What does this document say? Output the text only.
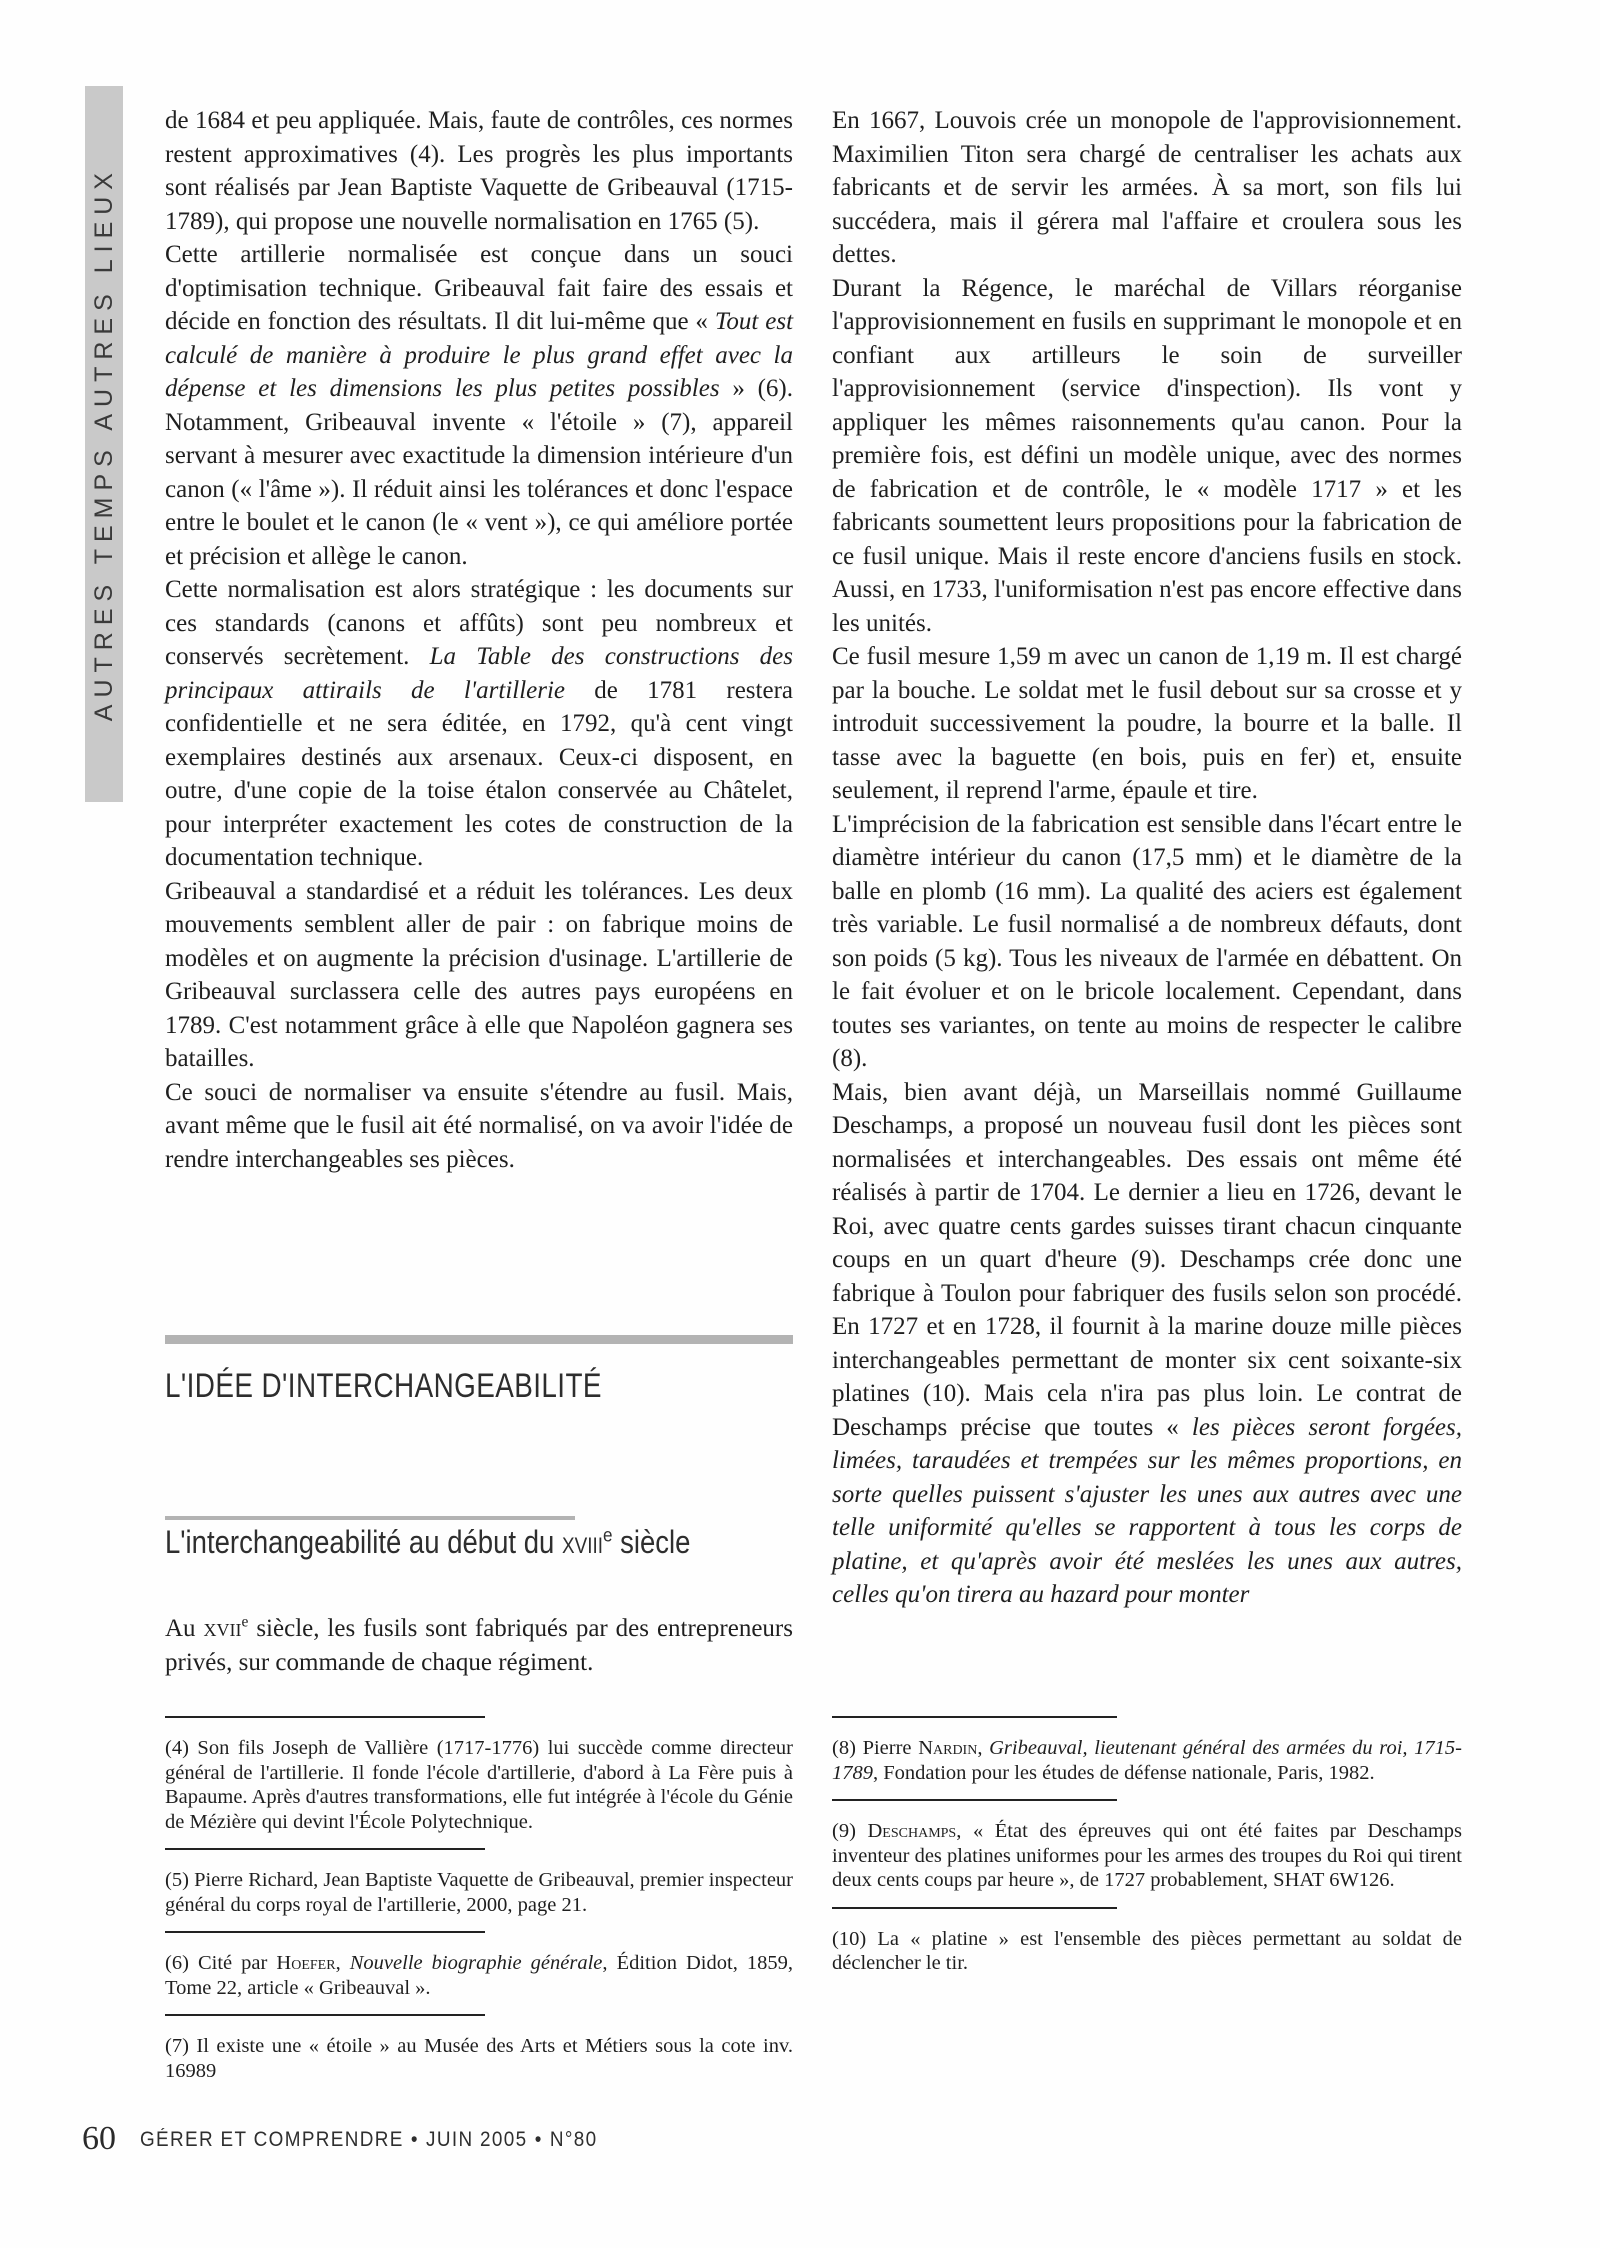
AUTRES TEMPS AUTRES LIEUX

de 1684 et peu appliquée. Mais, faute de contrôles, ces normes restent approximatives (4). Les progrès les plus importants sont réalisés par Jean Baptiste Vaquette de Gribeauval (1715-1789), qui propose une nouvelle normalisation en 1765 (5).

Cette artillerie normalisée est conçue dans un souci d'optimisation technique. Gribeauval fait faire des essais et décide en fonction des résultats. Il dit lui-même que « Tout est calculé de manière à produire le plus grand effet avec la dépense et les dimensions les plus petites possibles » (6). Notamment, Gribeauval invente « l'étoile » (7), appareil servant à mesurer avec exactitude la dimension intérieure d'un canon (« l'âme »). Il réduit ainsi les tolérances et donc l'espace entre le boulet et le canon (le « vent »), ce qui améliore portée et précision et allège le canon.

Cette normalisation est alors stratégique : les documents sur ces standards (canons et affûts) sont peu nombreux et conservés secrètement. La Table des constructions des principaux attirails de l'artillerie de 1781 restera confidentielle et ne sera éditée, en 1792, qu'à cent vingt exemplaires destinés aux arsenaux. Ceux-ci disposent, en outre, d'une copie de la toise étalon conservée au Châtelet, pour interpréter exactement les cotes de construction de la documentation technique.

Gribeauval a standardisé et a réduit les tolérances. Les deux mouvements semblent aller de pair : on fabrique moins de modèles et on augmente la précision d'usinage. L'artillerie de Gribeauval surclassera celle des autres pays européens en 1789. C'est notamment grâce à elle que Napoléon gagnera ses batailles.

Ce souci de normaliser va ensuite s'étendre au fusil. Mais, avant même que le fusil ait été normalisé, on va avoir l'idée de rendre interchangeables ses pièces.

En 1667, Louvois crée un monopole de l'approvisionnement. Maximilien Titon sera chargé de centraliser les achats aux fabricants et de servir les armées. À sa mort, son fils lui succédera, mais il gérera mal l'affaire et croulera sous les dettes.

Durant la Régence, le maréchal de Villars réorganise l'approvisionnement en fusils en supprimant le monopole et en confiant aux artilleurs le soin de surveiller l'approvisionnement (service d'inspection). Ils vont y appliquer les mêmes raisonnements qu'au canon. Pour la première fois, est défini un modèle unique, avec des normes de fabrication et de contrôle, le « modèle 1717 » et les fabricants soumettent leurs propositions pour la fabrication de ce fusil unique. Mais il reste encore d'anciens fusils en stock. Aussi, en 1733, l'uniformisation n'est pas encore effective dans les unités.

Ce fusil mesure 1,59 m avec un canon de 1,19 m. Il est chargé par la bouche. Le soldat met le fusil debout sur sa crosse et y introduit successivement la poudre, la bourre et la balle. Il tasse avec la baguette (en bois, puis en fer) et, ensuite seulement, il reprend l'arme, épaule et tire.

L'imprécision de la fabrication est sensible dans l'écart entre le diamètre intérieur du canon (17,5 mm) et le diamètre de la balle en plomb (16 mm). La qualité des aciers est également très variable. Le fusil normalisé a de nombreux défauts, dont son poids (5 kg). Tous les niveaux de l'armée en débattent. On le fait évoluer et on le bricole localement. Cependant, dans toutes ses variantes, on tente au moins de respecter le calibre (8).

Mais, bien avant déjà, un Marseillais nommé Guillaume Deschamps, a proposé un nouveau fusil dont les pièces sont normalisées et interchangeables. Des essais ont même été réalisés à partir de 1704. Le dernier a lieu en 1726, devant le Roi, avec quatre cents gardes suisses tirant chacun cinquante coups en un quart d'heure (9). Deschamps crée donc une fabrique à Toulon pour fabriquer des fusils selon son procédé. En 1727 et en 1728, il fournit à la marine douze mille pièces interchangeables permettant de monter six cent soixante-six platines (10). Mais cela n'ira pas plus loin. Le contrat de Deschamps précise que toutes « les pièces seront forgées, limées, taraudées et trempées sur les mêmes proportions, en sorte quelles puissent s'ajuster les unes aux autres avec une telle uniformité qu'elles se rapportent à tous les corps de platine, et qu'après avoir été meslées les unes aux autres, celles qu'on tirera au hazard pour monter

L'IDÉE D'INTERCHANGEABILITÉ
L'interchangeabilité au début du xviii$^e$ siècle

Au xvii$^e$ siècle, les fusils sont fabriqués par des entrepreneurs privés, sur commande de chaque régiment.

(4) Son fils Joseph de Vallière (1717-1776) lui succède comme directeur général de l'artillerie. Il fonde l'école d'artillerie, d'abord à La Fère puis à Bapaume. Après d'autres transformations, elle fut intégrée à l'école du Génie de Mézière qui devint l'École Polytechnique.

(5) Pierre Richard, Jean Baptiste Vaquette de Gribeauval, premier inspecteur général du corps royal de l'artillerie, 2000, page 21.

(6) Cité par Hoefer, Nouvelle biographie générale, Édition Didot, 1859, Tome 22, article « Gribeauval ».

(7) Il existe une « étoile » au Musée des Arts et Métiers sous la cote inv. 16989

(8) Pierre Nardin, Gribeauval, lieutenant général des armées du roi, 1715-1789, Fondation pour les études de défense nationale, Paris, 1982.

(9) Deschamps, « État des épreuves qui ont été faites par Deschamps inventeur des platines uniformes pour les armes des troupes du Roi qui tirent deux cents coups par heure », de 1727 probablement, SHAT 6W126.

(10) La « platine » est l'ensemble des pièces permettant au soldat de déclencher le tir.

60 GÉRER ET COMPRENDRE • JUIN 2005 • N°80
